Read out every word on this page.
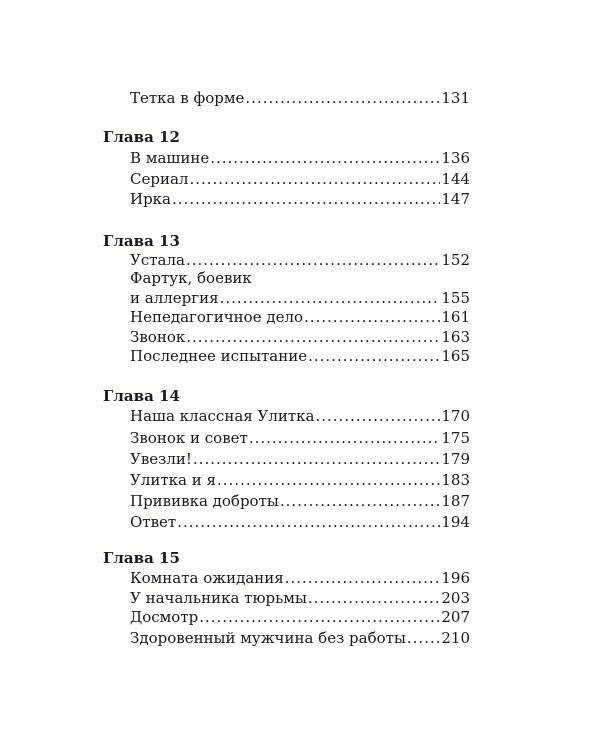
Тетка в форме .....	131
Глава 12
В машине .....	136
Сериал .....	144
Ирка .....	147
Глава 13
Устала .....	152
Фартук, боевик
и аллергия .....	155
Непедагогичное дело .....	161
Звонок .....	163
Последнее испытание .....	165
Глава 14
Наша классная Улитка .....	170
Звонок и совет .....	175
Увезли! .....	179
Улитка и я .....	183
Прививка доброты .....	187
Ответ .....	194
Глава 15
Комната ожидания .....	196
У начальника тюрьмы .....	203
Досмотр .....	207
Здоровенный мужчина без работы ..... 210
